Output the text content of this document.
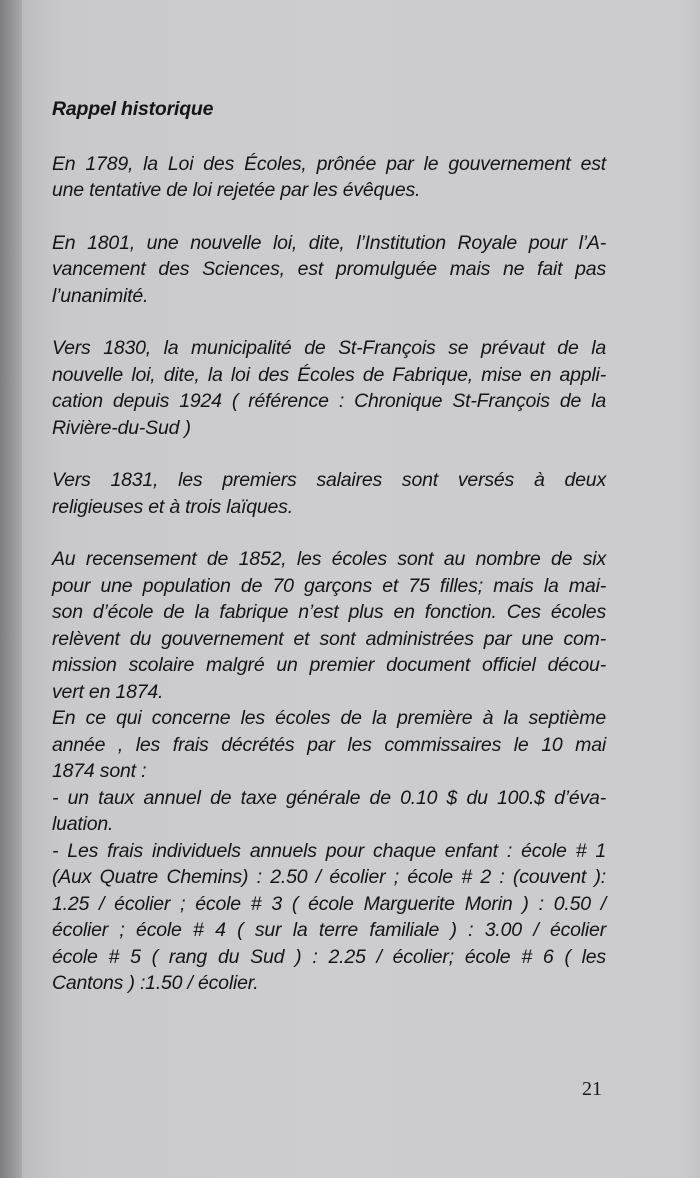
Rappel historique
En 1789, la Loi des Écoles, prônée par le gouvernement est
une tentative de loi rejetée par les évêques.
En 1801, une nouvelle loi, dite, l’Institution Royale pour l’A-
vancement des Sciences, est promulguée mais ne fait pas
l’unanimité.
Vers 1830, la municipalité de St-François se prévaut de la
nouvelle loi, dite, la loi des Écoles de Fabrique, mise en appli-
cation depuis 1924 ( référence : Chronique St-François de la
Rivière-du-Sud )
Vers 1831, les premiers salaires sont versés à deux
religieuses et à trois laïques.
Au recensement de 1852, les écoles sont au nombre de six
pour une population de 70 garçons et 75 filles; mais la mai-
son d’école de la fabrique n’est plus en fonction. Ces écoles
relèvent du gouvernement et sont administrées par une com-
mission scolaire malgré un premier document officiel décou-
vert en 1874.
En ce qui concerne les écoles de la première à la septième
année , les frais décrétés par les commissaires le 10 mai
1874 sont :
- un taux annuel de taxe générale de 0.10 $ du 100.$ d’éva-
luation.
- Les frais individuels annuels pour chaque enfant : école # 1
(Aux Quatre Chemins) : 2.50 / écolier ; école # 2 : (couvent ):
1.25 / écolier ; école # 3 ( école Marguerite Morin ) : 0.50 /
écolier ; école # 4 ( sur la terre familiale ) : 3.00 / écolier
école # 5 ( rang du Sud ) : 2.25 / écolier; école # 6 ( les
Cantons ) :1.50 / écolier.
21
